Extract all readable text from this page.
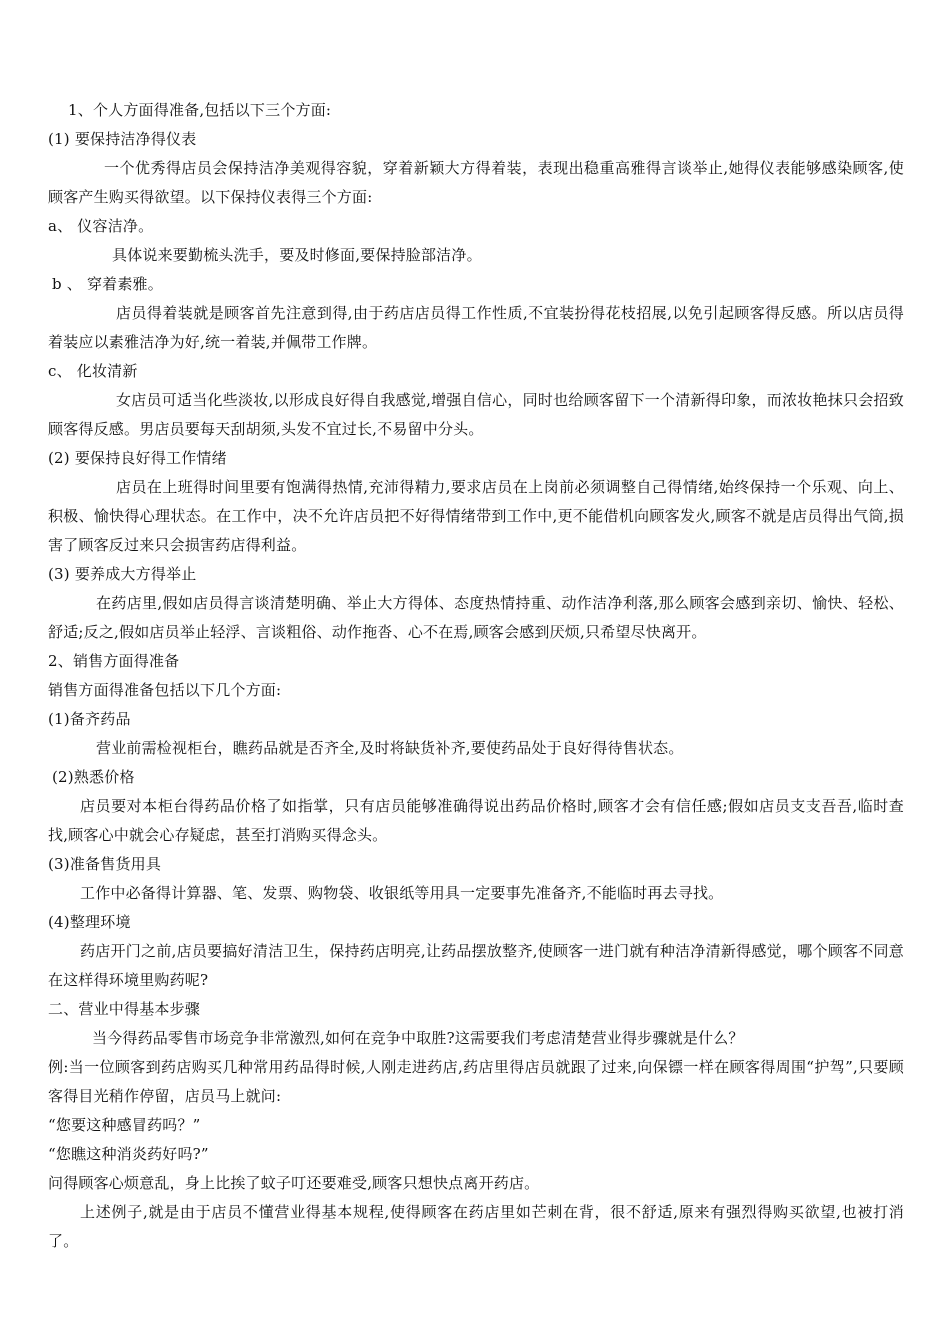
1、个人方面得准备,包括以下三个方面:
(1) 要保持洁净得仪表

一个优秀得店员会保持洁净美观得容貌，穿着新颖大方得着装，表现出稳重高雅得言谈举止,她得仪表能够感染顾客,使顾客产生购买得欲望。以下保持仪表得三个方面:

a、 仪容洁净。
具体说来要勤梳头洗手，要及时修面,要保持脸部洁净。
b 、 穿着素雅。

店员得着装就是顾客首先注意到得,由于药店店员得工作性质,不宜装扮得花枝招展,以免引起顾客得反感。所以店员得着装应以素雅洁净为好,统一着装,并佩带工作牌。

c、 化妆清新

女店员可适当化些淡妆,以形成良好得自我感觉,增强自信心，同时也给顾客留下一个清新得印象，而浓妆艳抹只会招致顾客得反感。男店员要每天刮胡须,头发不宜过长,不易留中分头。

(2) 要保持良好得工作情绪

店员在上班得时间里要有饱满得热情,充沛得精力,要求店员在上岗前必须调整自己得情绪,始终保持一个乐观、向上、积极、愉快得心理状态。在工作中，决不允许店员把不好得情绪带到工作中,更不能借机向顾客发火,顾客不就是店员得出气筒,损害了顾客反过来只会损害药店得利益。

(3) 要养成大方得举止

在药店里,假如店员得言谈清楚明确、举止大方得体、态度热情持重、动作洁净利落,那么顾客会感到亲切、愉快、轻松、舒适;反之,假如店员举止轻浮、言谈粗俗、动作拖沓、心不在焉,顾客会感到厌烦,只希望尽快离开。

2、销售方面得准备
销售方面得准备包括以下几个方面:
(1)备齐药品
营业前需检视柜台，瞧药品就是否齐全,及时将缺货补齐,要使药品处于良好得待售状态。
(2)熟悉价格

店员要对本柜台得药品价格了如指掌，只有店员能够准确得说出药品价格时,顾客才会有信任感;假如店员支支吾吾,临时查找,顾客心中就会心存疑虑，甚至打消购买得念头。

(3)准备售货用具
工作中必备得计算器、笔、发票、购物袋、收银纸等用具一定要事先准备齐,不能临时再去寻找。
(4)整理环境

药店开门之前,店员要搞好清洁卫生，保持药店明亮,让药品摆放整齐,使顾客一进门就有种洁净清新得感觉，哪个顾客不同意在这样得环境里购药呢?

二、营业中得基本步骤
当今得药品零售市场竞争非常激烈,如何在竞争中取胜?这需要我们考虑清楚营业得步骤就是什么？

例:当一位顾客到药店购买几种常用药品得时候,人刚走进药店,药店里得店员就跟了过来,向保镖一样在顾客得周围“护驾”,只要顾客得目光稍作停留，店员马上就问:

“您要这种感冒药吗？”
“您瞧这种消炎药好吗?”
问得顾客心烦意乱，身上比挨了蚊子叮还要难受,顾客只想快点离开药店。

上述例子,就是由于店员不懂营业得基本规程,使得顾客在药店里如芒刺在背，很不舒适,原来有强烈得购买欲望,也被打消了。
